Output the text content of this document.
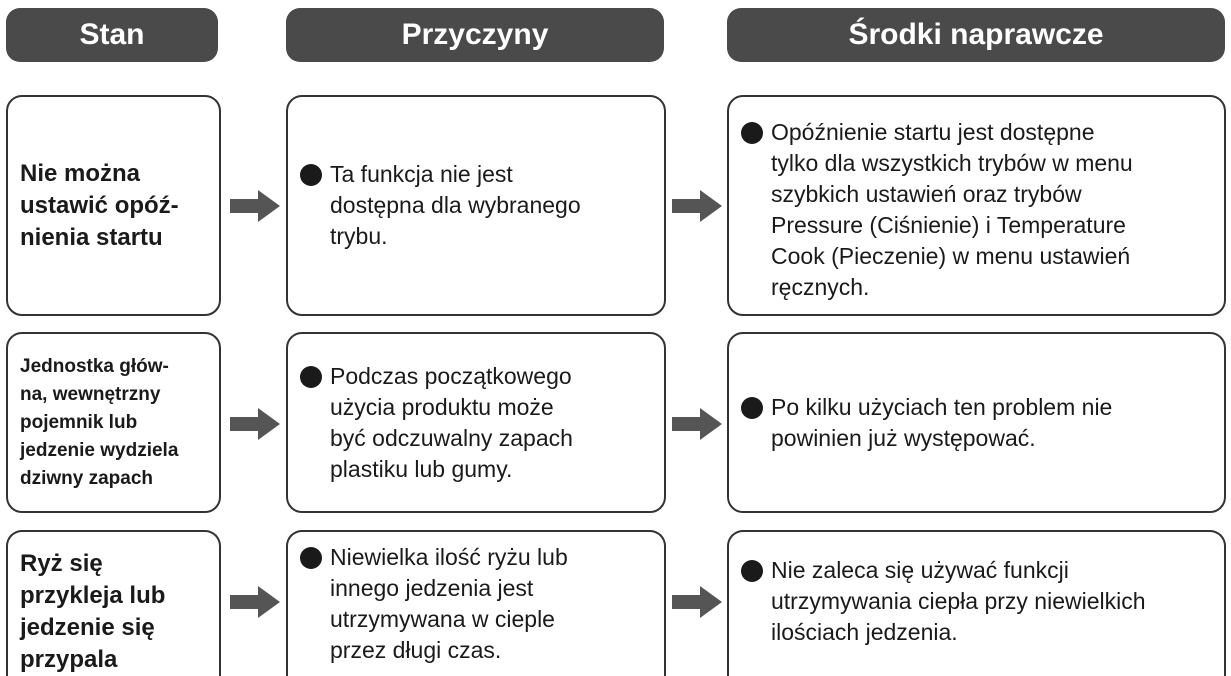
Stan	Przyczyny	Środki naprawcze
Nie można
ustawić opóź-
nienia startu
Ta funkcja nie jest
dostępna dla wybranego
trybu.
Opóźnienie startu jest dostępne
tylko dla wszystkich trybów w menu
szybkich ustawień oraz trybów
Pressure (Ciśnienie) i Temperature
Cook (Pieczenie) w menu ustawień
ręcznych.
Jednostka głów-
na, wewnętrzny
pojemnik lub
jedzenie wydziela
dziwny zapach
Podczas początkowego
użycia produktu może
być odczuwalny zapach
plastiku lub gumy.
Po kilku użyciach ten problem nie
powinien już występować.
Ryż się
przykleja lub
jedzenie się
przypala
Niewielka ilość ryżu lub
innego jedzenia jest
utrzymywana w cieple
przez długi czas.
Nie zaleca się używać funkcji
utrzymywania ciepła przy niewielkich
ilościach jedzenia.
